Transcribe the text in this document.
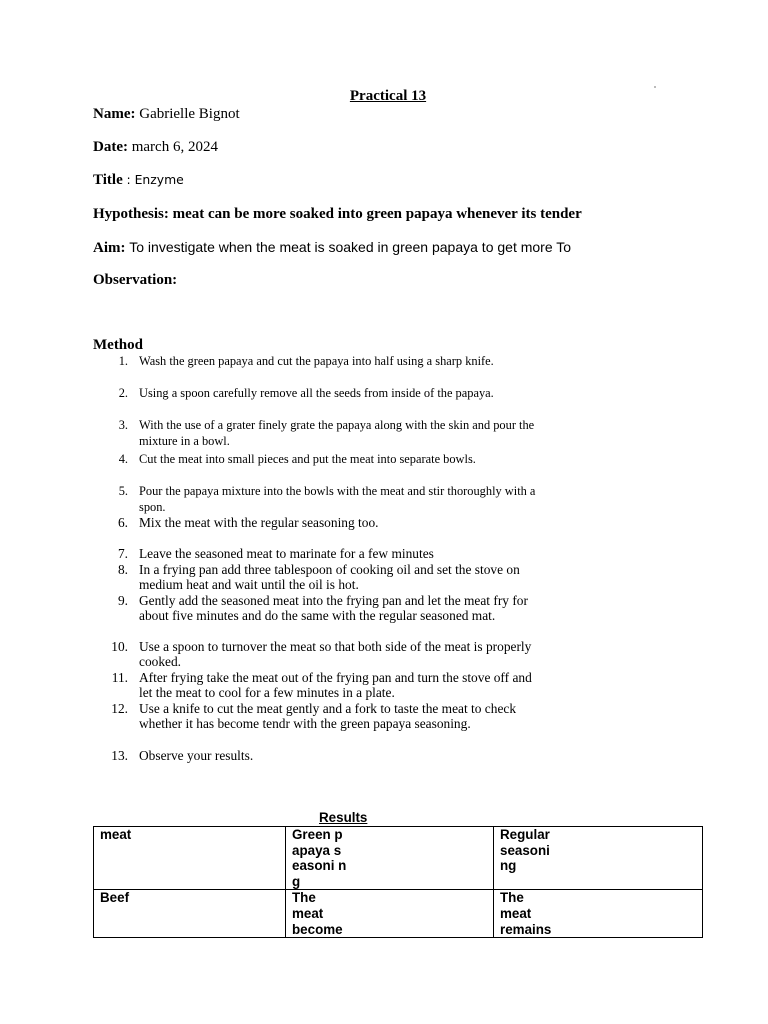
Practical 13
Name: Gabrielle Bignot
Date: march 6, 2024
Title : Enzyme
Hypothesis: meat can be more soaked into green papaya whenever its tender
Aim: To investigate when the meat is soaked in green papaya to get more To
Observation:
Method
1. Wash the green papaya and cut the papaya into half using a sharp knife.
2. Using a spoon carefully remove all the seeds from inside of the papaya.
3. With the use of a grater finely grate the papaya along with the skin and pour the mixture in a bowl.
4. Cut the meat into small pieces and put the meat into separate bowls.
5. Pour the papaya mixture into the bowls with the meat and stir thoroughly with a spon.
6. Mix the meat with the regular seasoning too.
7. Leave the seasoned meat to marinate for a few minutes
8. In a frying pan add three tablespoon of cooking oil and set the stove on medium heat and wait until the oil is hot.
9. Gently add the seasoned meat into the frying pan and let the meat fry for about five minutes and do the same with the regular seasoned mat.
10. Use a spoon to turnover the meat so that both side of the meat is properly cooked.
11. After frying take the meat out of the frying pan and turn the stove off and let the meat to cool for a few minutes in a plate.
12. Use a knife to cut the meat gently and a fork to taste the meat to check whether it has become tendr with the green papaya seasoning.
13. Observe your results.
Results
meat	Green papaya seasoni ng	Regular seasoni ng

Beef	The meat become	The meat remains
